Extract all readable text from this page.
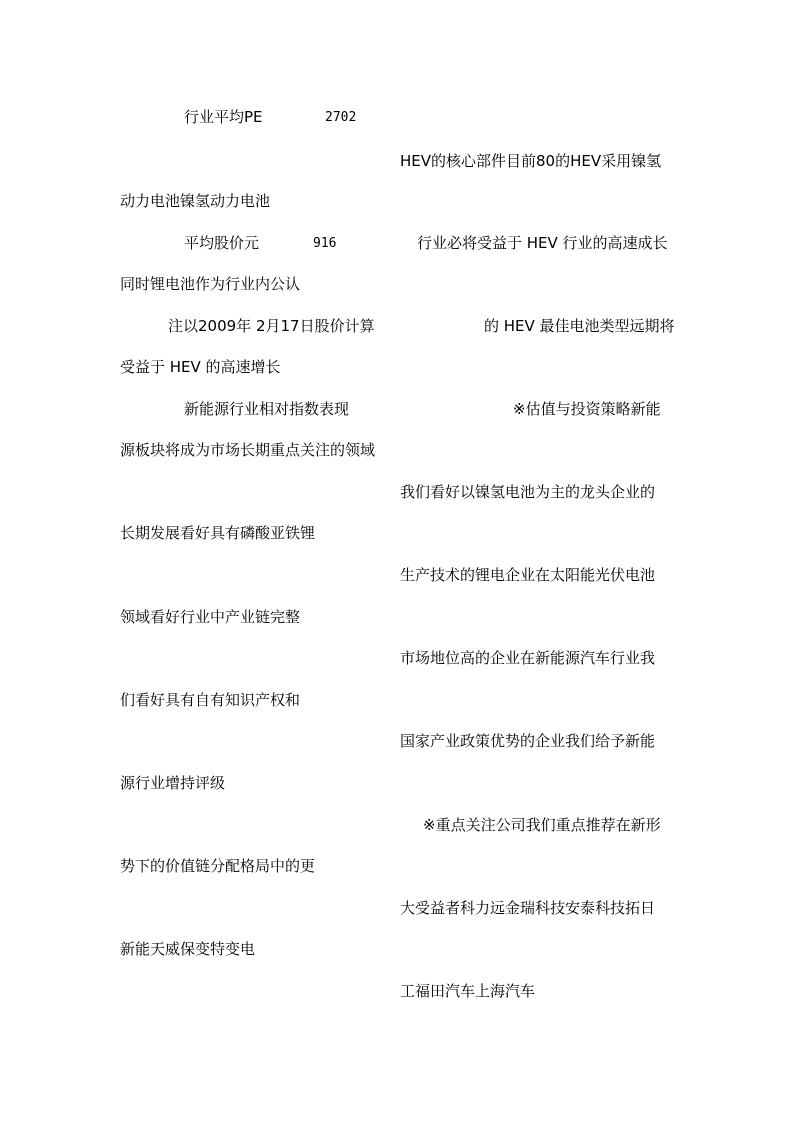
行业平均PE	2702
HEV的核心部件目前80的HEV采用镍氢
动力电池镍氢动力电池
平均股价元	916	行业必将受益于 HEV 行业的高速成长
同时锂电池作为行业内公认
注以2009年 2月17日股价计算	的 HEV 最佳电池类型远期将
受益于 HEV 的高速增长
新能源行业相对指数表现	※估值与投资策略新能
源板块将成为市场长期重点关注的领域
我们看好以镍氢电池为主的龙头企业的
长期发展看好具有磷酸亚铁锂
生产技术的锂电企业在太阳能光伏电池
领域看好行业中产业链完整
市场地位高的企业在新能源汽车行业我
们看好具有自有知识产权和
国家产业政策优势的企业我们给予新能
源行业增持评级
※重点关注公司我们重点推荐在新形
势下的价值链分配格局中的更
大受益者科力远金瑞科技安泰科技拓日
新能天威保变特变电
工福田汽车上海汽车
